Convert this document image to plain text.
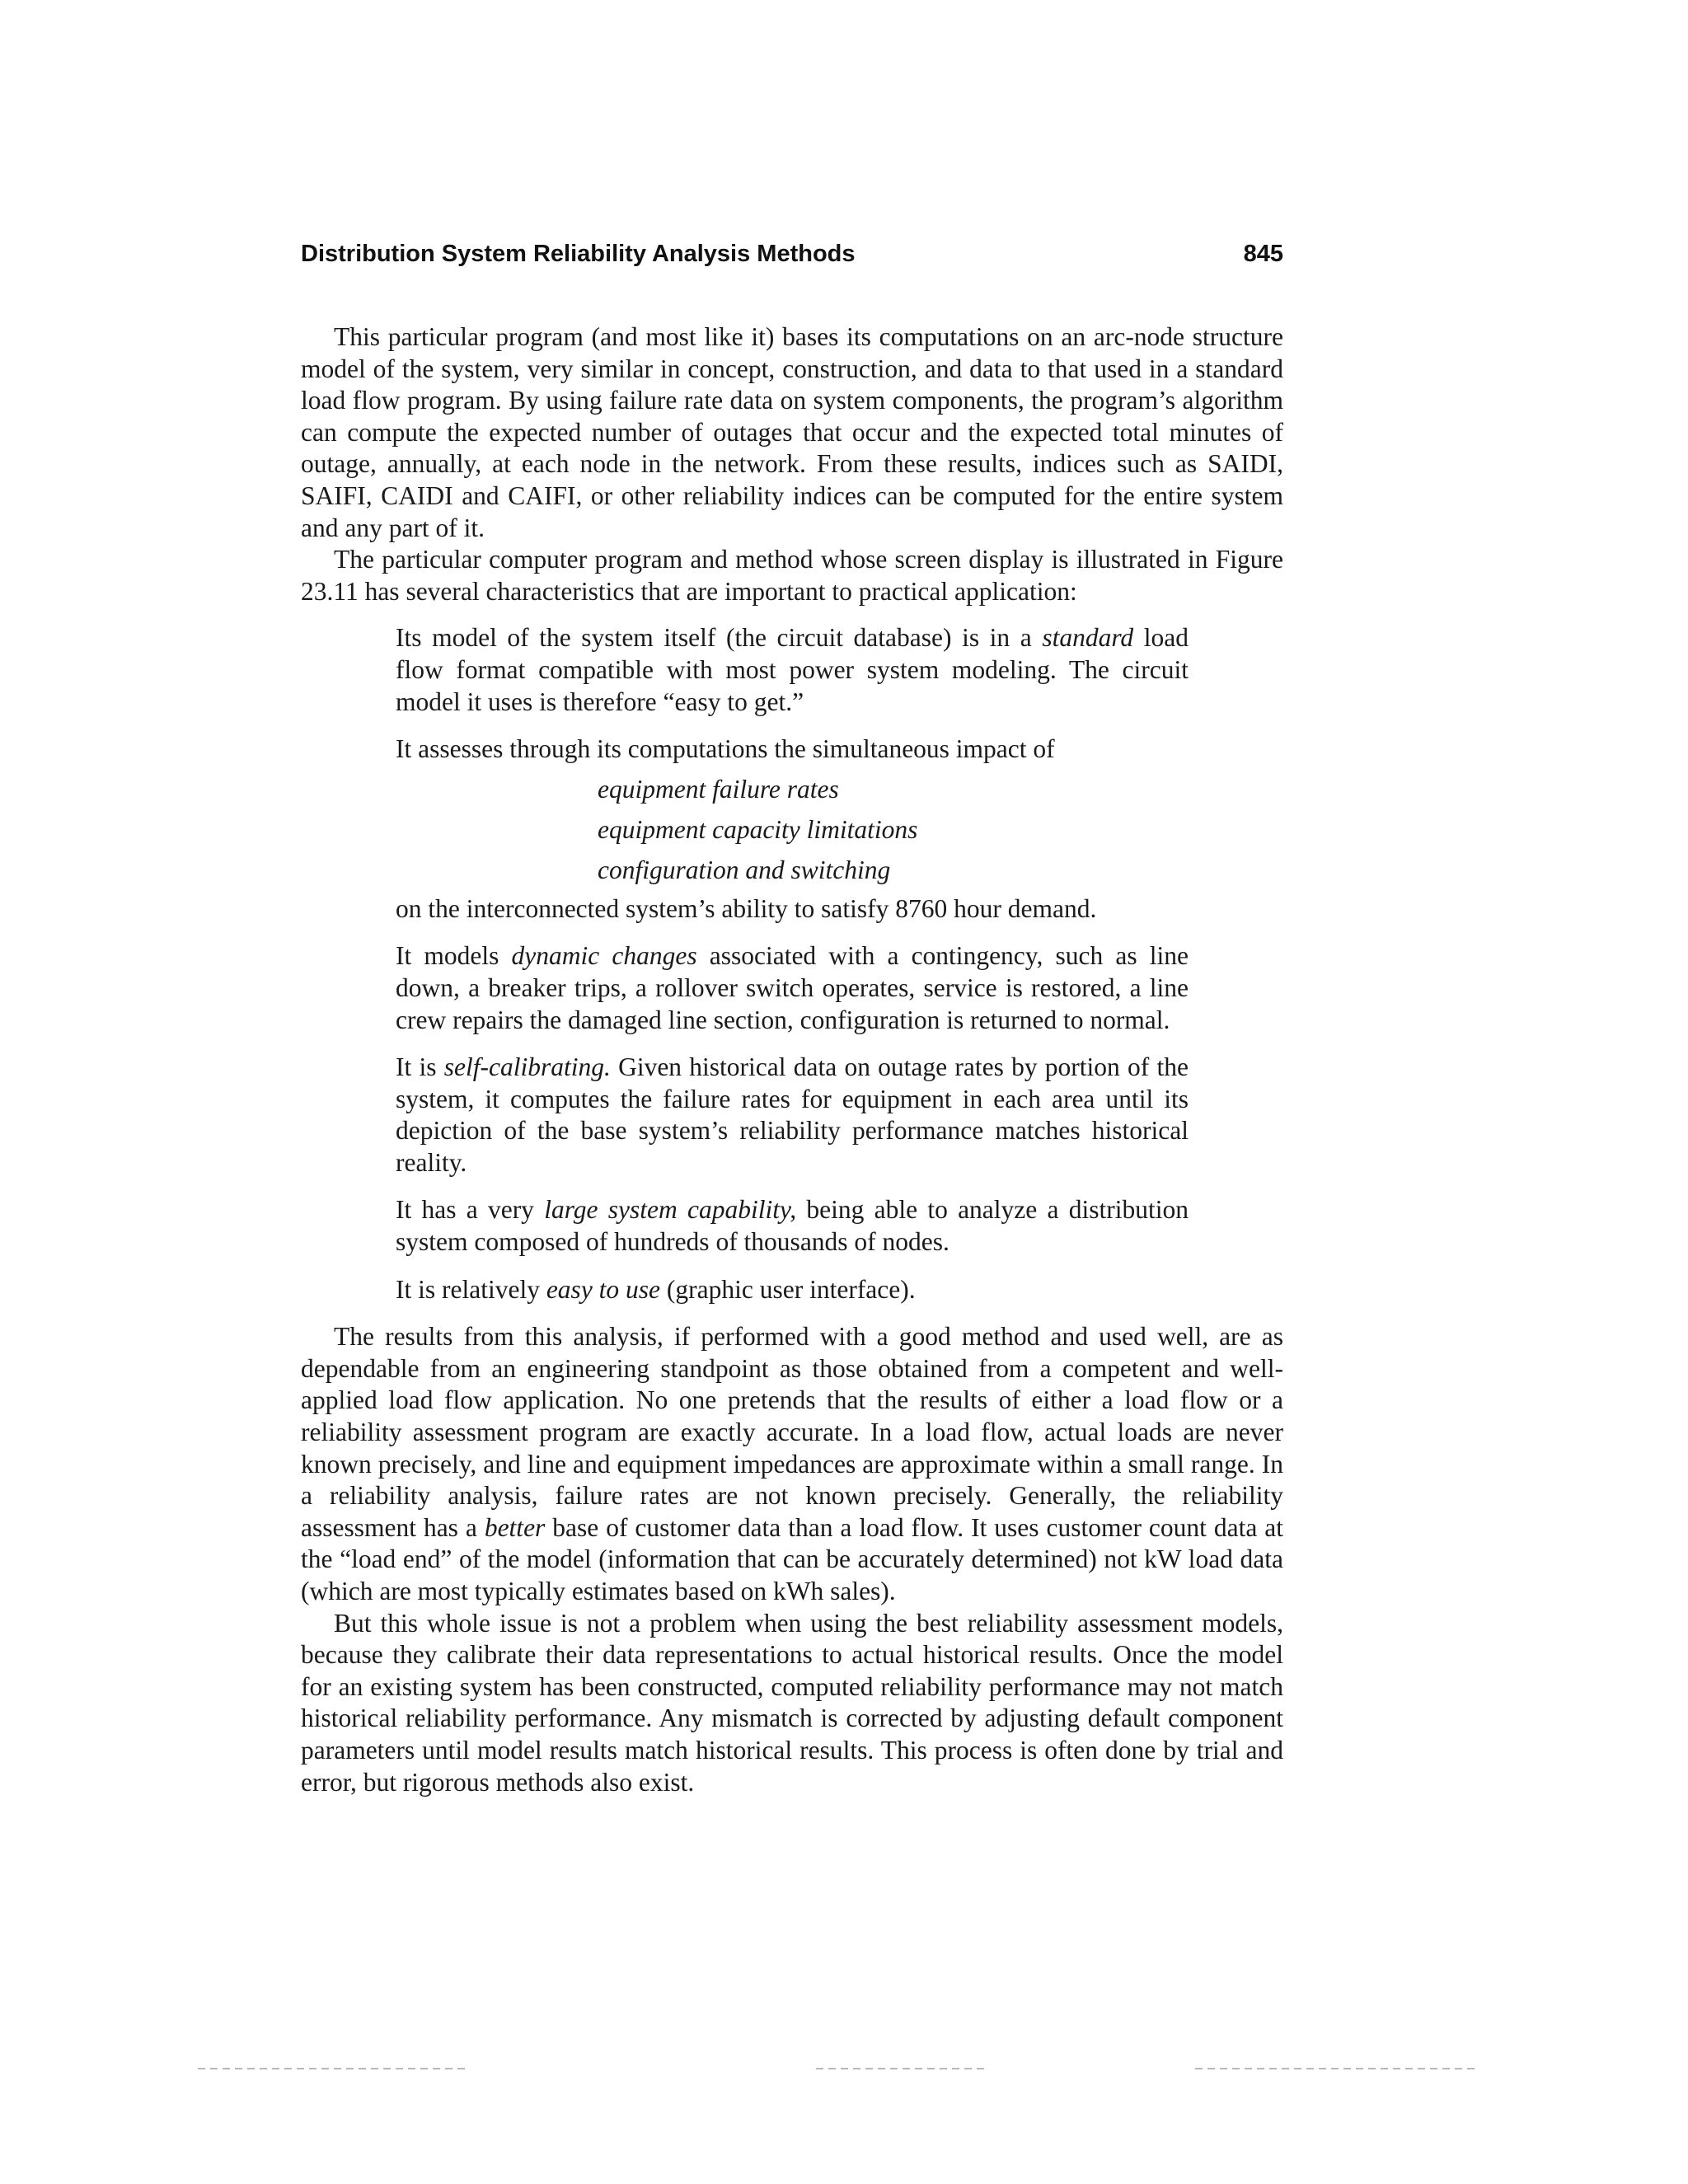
Distribution System Reliability Analysis Methods	845

This particular program (and most like it) bases its computations on an arc-node structure model of the system, very similar in concept, construction, and data to that used in a standard load flow program. By using failure rate data on system components, the program’s algorithm can compute the expected number of outages that occur and the expected total minutes of outage, annually, at each node in the network. From these results, indices such as SAIDI, SAIFI, CAIDI and CAIFI, or other reliability indices can be computed for the entire system and any part of it.

The particular computer program and method whose screen display is illustrated in Figure 23.11 has several characteristics that are important to practical application:

Its model of the system itself (the circuit database) is in a standard load flow format compatible with most power system modeling. The circuit model it uses is therefore “easy to get.”
It assesses through its computations the simultaneous impact of
equipment failure rates
equipment capacity limitations
configuration and switching
on the interconnected system’s ability to satisfy 8760 hour demand.
It models dynamic changes associated with a contingency, such as line down, a breaker trips, a rollover switch operates, service is restored, a line crew repairs the damaged line section, configuration is returned to normal.
It is self-calibrating. Given historical data on outage rates by portion of the system, it computes the failure rates for equipment in each area until its depiction of the base system’s reliability performance matches historical reality.
It has a very large system capability, being able to analyze a distribution system composed of hundreds of thousands of nodes.
It is relatively easy to use (graphic user interface).

The results from this analysis, if performed with a good method and used well, are as dependable from an engineering standpoint as those obtained from a competent and well-applied load flow application. No one pretends that the results of either a load flow or a reliability assessment program are exactly accurate. In a load flow, actual loads are never known precisely, and line and equipment impedances are approximate within a small range. In a reliability analysis, failure rates are not known precisely. Generally, the reliability assessment has a better base of customer data than a load flow. It uses customer count data at the “load end” of the model (information that can be accurately determined) not kW load data (which are most typically estimates based on kWh sales).

But this whole issue is not a problem when using the best reliability assessment models, because they calibrate their data representations to actual historical results. Once the model for an existing system has been constructed, computed reliability performance may not match historical reliability performance. Any mismatch is corrected by adjusting default component parameters until model results match historical results. This process is often done by trial and error, but rigorous methods also exist.
